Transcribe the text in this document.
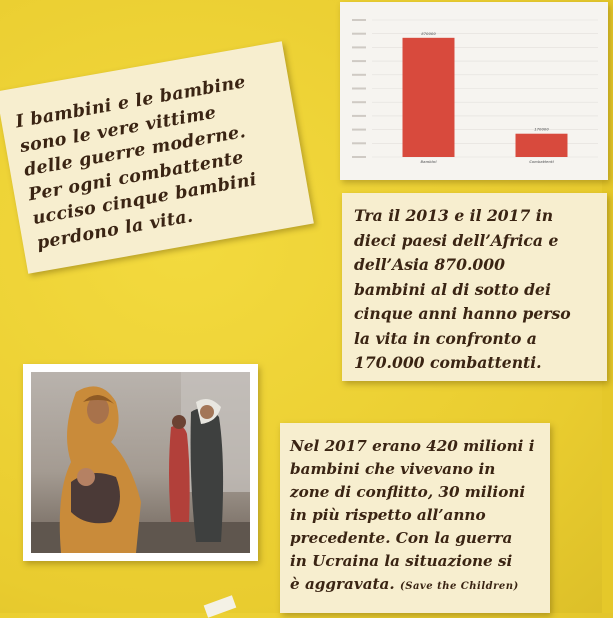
I bambini e le bambine
sono le vere vittime
delle guerre moderne.
Per ogni combattente
ucciso cinque bambini
perdono la vita.

870000
Bambini
170000
Combattenti

Tra il 2013 e il 2017 in
dieci paesi dell’Africa e
dell’Asia 870.000
bambini al di sotto dei
cinque anni hanno perso
la vita in confronto a
170.000 combattenti.

Nel 2017 erano 420 milioni i
bambini che vivevano in
zone di conflitto, 30 milioni
in più rispetto all’anno
precedente. Con la guerra
in Ucraina la situazione si
è aggravata. (Save the Children)
